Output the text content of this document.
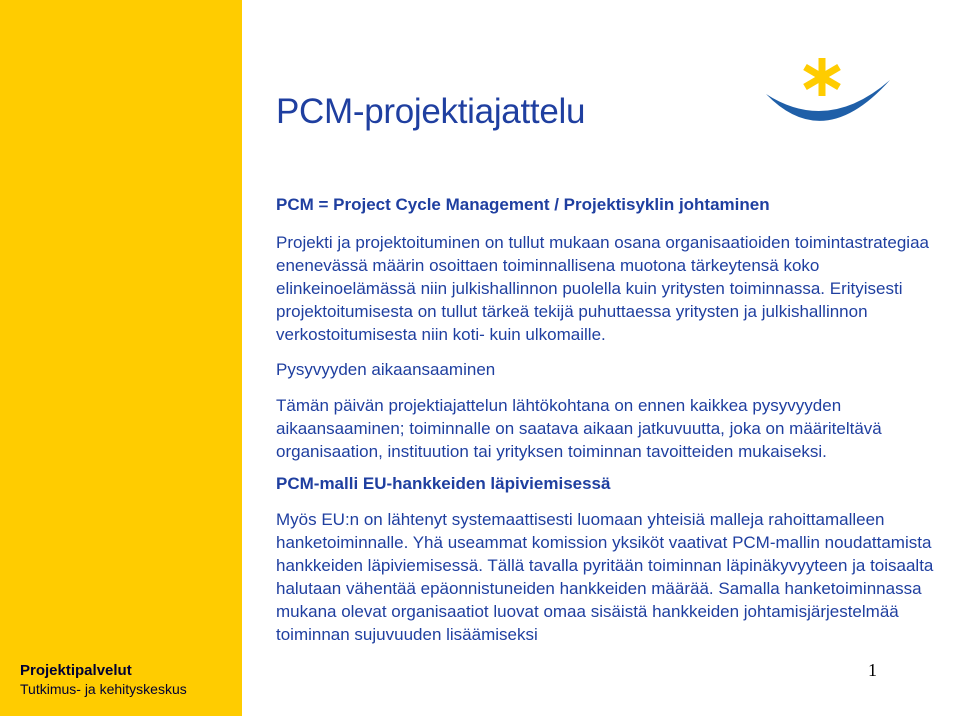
PCM-projektiajattelu
PCM = Project Cycle Management / Projektisyklin johtaminen
Projekti ja projektoituminen on tullut mukaan osana organisaatioiden toimintastrategiaa enenevässä määrin osoittaen toiminnallisena muotona tärkeytensä koko elinkeinoelämässä niin julkishallinnon puolella kuin yritysten toiminnassa. Erityisesti projektoitumisesta on tullut tärkeä tekijä puhuttaessa yritysten ja julkishallinnon verkostoitumisesta niin koti- kuin ulkomaille.
Pysyvyyden aikaansaaminen
Tämän päivän projektiajattelun lähtökohtana on ennen kaikkea pysyvyyden aikaansaaminen; toiminnalle on saatava aikaan jatkuvuutta, joka on määriteltävä organisaation, instituution tai yrityksen toiminnan tavoitteiden mukaiseksi.
PCM-malli EU-hankkeiden läpiviemisessä
Myös EU:n on lähtenyt systemaattisesti luomaan yhteisiä malleja rahoittamalleen hanketoiminnalle. Yhä useammat komission yksiköt vaativat PCM-mallin noudattamista hankkeiden läpiviemisessä. Tällä tavalla pyritään toiminnan läpinäkyvyyteen ja toisaalta halutaan vähentää epäonnistuneiden hankkeiden määrää. Samalla hanketoiminnassa mukana olevat organisaatiot luovat omaa sisäistä hankkeiden johtamisjärjestelmää toiminnan sujuvuuden lisäämiseksi
Projektipalvelut
Tutkimus- ja kehityskeskus
1
